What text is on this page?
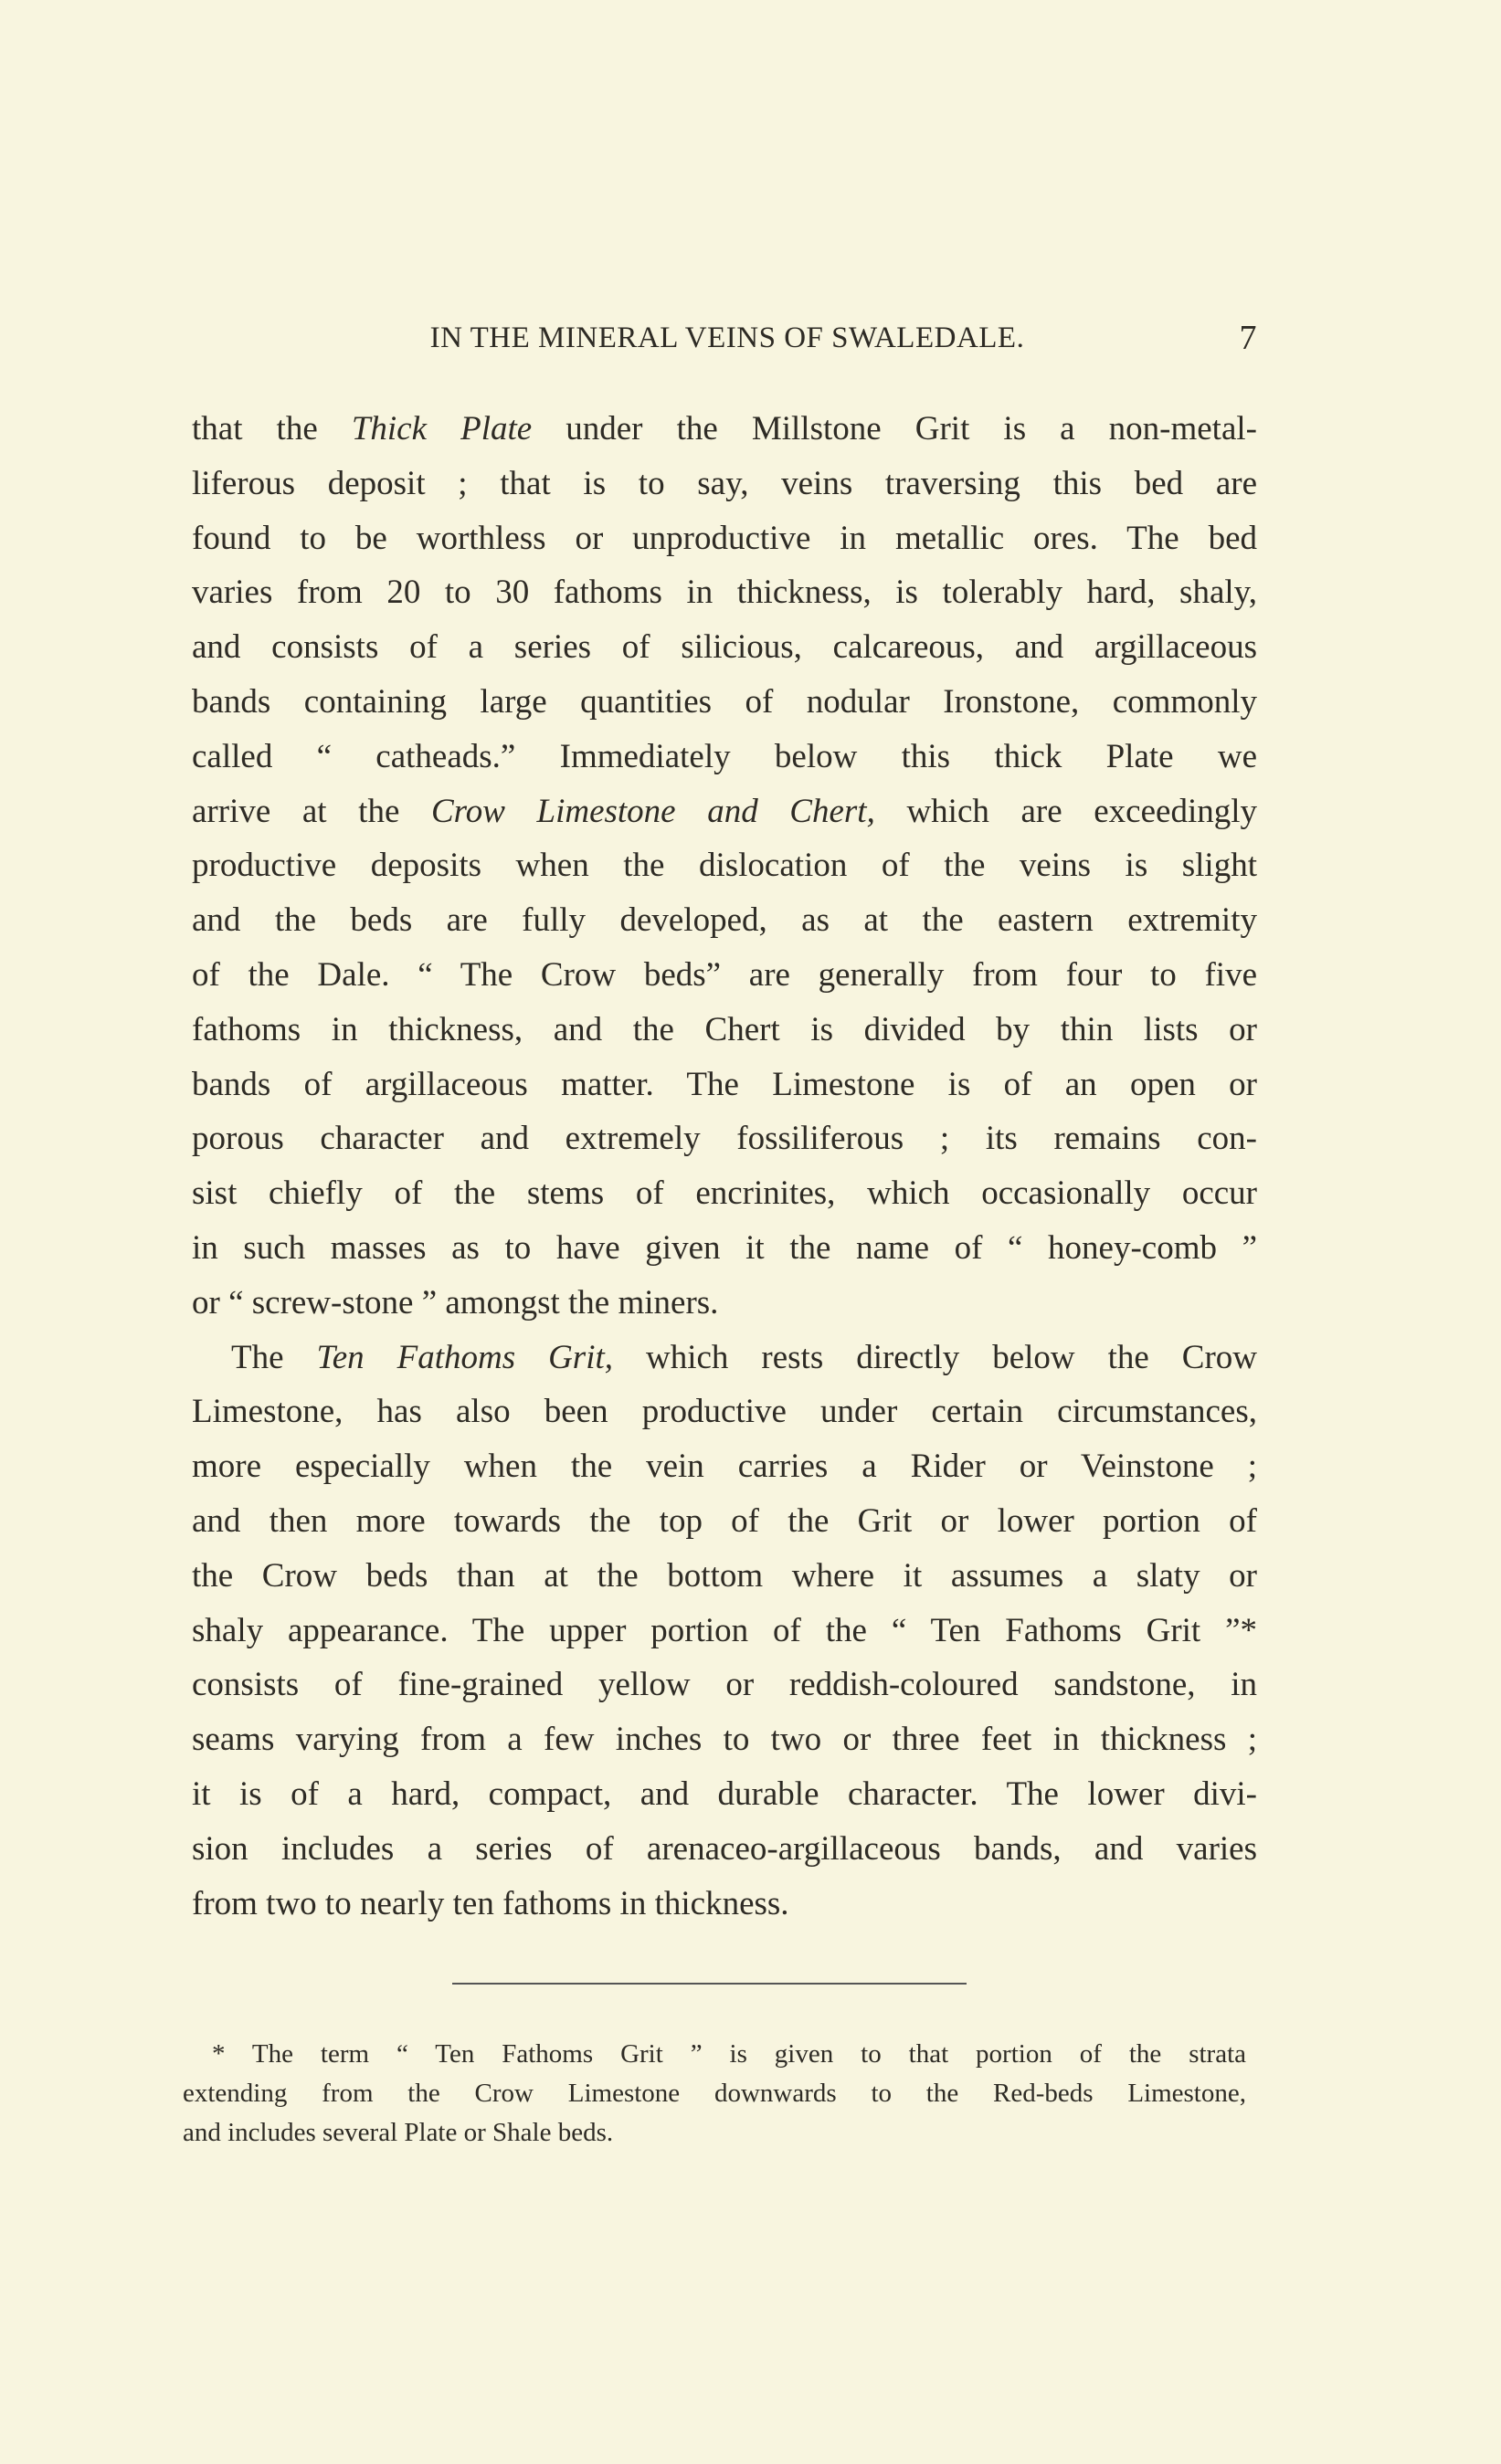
IN THE MINERAL VEINS OF SWALEDALE.	7
that the Thick Plate under the Millstone Grit is a non-metal-
liferous deposit ; that is to say, veins traversing this bed are
found to be worthless or unproductive in metallic ores. The bed
varies from 20 to 30 fathoms in thickness, is tolerably hard, shaly,
and consists of a series of silicious, calcareous, and argillaceous
bands containing large quantities of nodular Ironstone, commonly
called “ catheads.” Immediately below this thick Plate we
arrive at the Crow Limestone and Chert, which are exceedingly
productive deposits when the dislocation of the veins is slight
and the beds are fully developed, as at the eastern extremity
of the Dale. “ The Crow beds” are generally from four to five
fathoms in thickness, and the Chert is divided by thin lists or
bands of argillaceous matter. The Limestone is of an open or
porous character and extremely fossiliferous ; its remains con-
sist chiefly of the stems of encrinites, which occasionally occur
in such masses as to have given it the name of “ honey-comb ”
or “ screw-stone ” amongst the miners.
The Ten Fathoms Grit, which rests directly below the Crow
Limestone, has also been productive under certain circumstances,
more especially when the vein carries a Rider or Veinstone ;
and then more towards the top of the Grit or lower portion of
the Crow beds than at the bottom where it assumes a slaty or
shaly appearance. The upper portion of the “ Ten Fathoms Grit ”*
consists of fine-grained yellow or reddish-coloured sandstone, in
seams varying from a few inches to two or three feet in thickness ;
it is of a hard, compact, and durable character. The lower divi-
sion includes a series of arenaceo-argillaceous bands, and varies
from two to nearly ten fathoms in thickness.
* The term “ Ten Fathoms Grit ” is given to that portion of the strata
extending from the Crow Limestone downwards to the Red-beds Limestone,
and includes several Plate or Shale beds.
